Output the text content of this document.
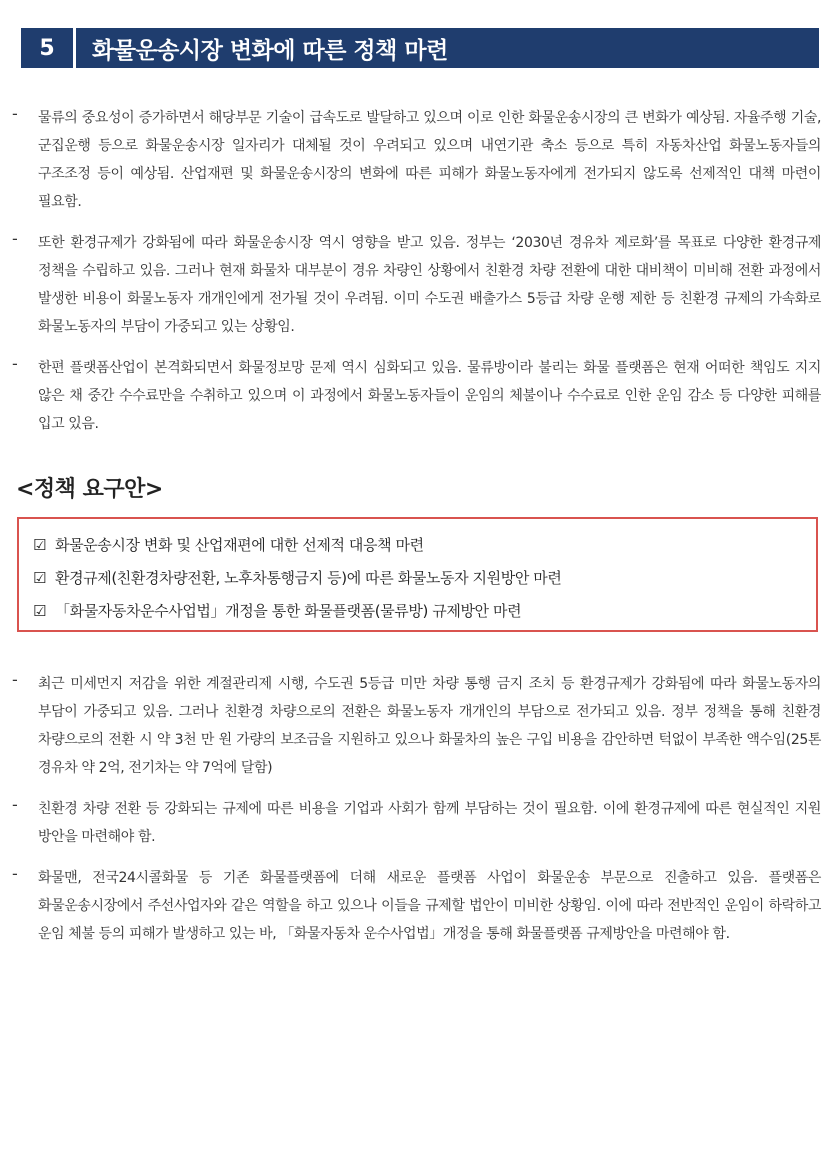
5	화물운송시장 변화에 따른 정책 마련
- 물류의 중요성이 증가하면서 해당부문 기술이 급속도로 발달하고 있으며 이로 인한 화물운송시장의 큰 변화가 예상됨. 자율주행 기술, 군집운행 등으로 화물운송시장 일자리가 대체될 것이 우려되고 있으며 내연기관 축소 등으로 특히 자동차산업 화물노동자들의 구조조정 등이 예상됨. 산업재편 및 화물운송시장의 변화에 따른 피해가 화물노동자에게 전가되지 않도록 선제적인 대책 마련이 필요함.
- 또한 환경규제가 강화됨에 따라 화물운송시장 역시 영향을 받고 있음. 정부는 ‘2030년 경유차 제로화’를 목표로 다양한 환경규제 정책을 수립하고 있음. 그러나 현재 화물차 대부분이 경유 차량인 상황에서 친환경 차량 전환에 대한 대비책이 미비해 전환 과정에서 발생한 비용이 화물노동자 개개인에게 전가될 것이 우려됨. 이미 수도권 배출가스 5등급 차량 운행 제한 등 친환경 규제의 가속화로 화물노동자의 부담이 가중되고 있는 상황임.
- 한편 플랫폼산업이 본격화되면서 화물정보망 문제 역시 심화되고 있음. 물류방이라 불리는 화물 플랫폼은 현재 어떠한 책임도 지지 않은 채 중간 수수료만을 수취하고 있으며 이 과정에서 화물노동자들이 운임의 체불이나 수수료로 인한 운임 감소 등 다양한 피해를 입고 있음.
<정책 요구안>
☑ 화물운송시장 변화 및 산업재편에 대한 선제적 대응책 마련
☑ 환경규제(친환경차량전환, 노후차통행금지 등)에 따른 화물노동자 지원방안 마련
☑ 「화물자동차운수사업법」개정을 통한 화물플랫폼(물류방) 규제방안 마련
- 최근 미세먼지 저감을 위한 계절관리제 시행, 수도권 5등급 미만 차량 통행 금지 조치 등 환경규제가 강화됨에 따라 화물노동자의 부담이 가중되고 있음. 그러나 친환경 차량으로의 전환은 화물노동자 개개인의 부담으로 전가되고 있음. 정부 정책을 통해 친환경 차량으로의 전환 시 약 3천 만 원 가량의 보조금을 지원하고 있으나 화물차의 높은 구입 비용을 감안하면 턱없이 부족한 액수임(25톤 경유차 약 2억, 전기차는 약 7억에 달함)
- 친환경 차량 전환 등 강화되는 규제에 따른 비용을 기업과 사회가 함께 부담하는 것이 필요함. 이에 환경규제에 따른 현실적인 지원 방안을 마련해야 함.
- 화물맨, 전국24시콜화물 등 기존 화물플랫폼에 더해 새로운 플랫폼 사업이 화물운송 부문으로 진출하고 있음. 플랫폼은 화물운송시장에서 주선사업자와 같은 역할을 하고 있으나 이들을 규제할 법안이 미비한 상황임. 이에 따라 전반적인 운임이 하락하고 운임 체불 등의 피해가 발생하고 있는 바, 「화물자동차 운수사업법」개정을 통해 화물플랫폼 규제방안을 마련해야 함.
